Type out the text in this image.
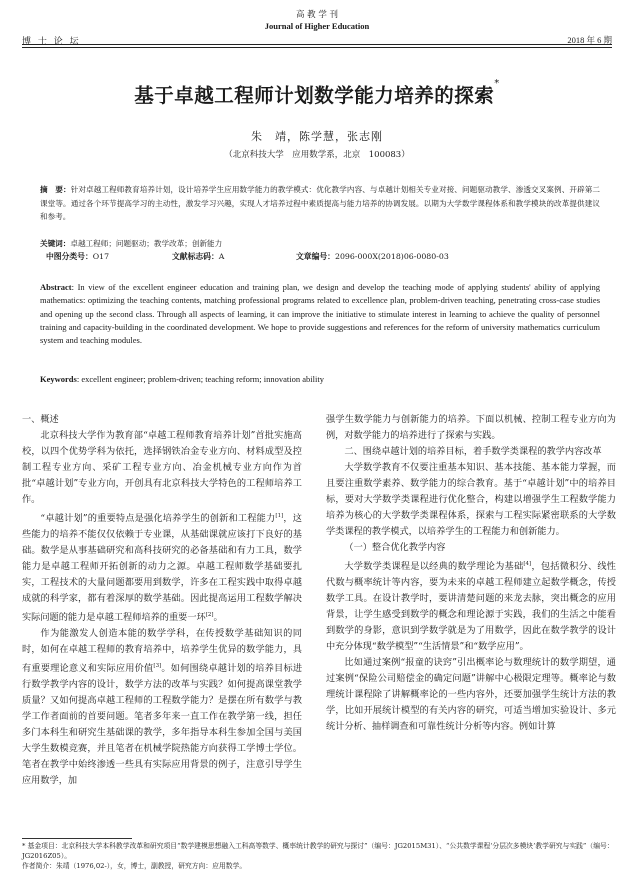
高 教 学 刊
Journal of Higher Education
博 士 论 坛	2018 年 6 期
基于卓越工程师计划数学能力培养的探索*
朱　靖，陈学慧，张志刚
（北京科技大学　应用数学系，北京　100083）
摘　要：针对卓越工程师教育培养计划，设计培养学生应用数学能力的教学模式：优化教学内容、与卓越计划相关专业对接、问题驱动教学、渗透交叉案例、开辟第二课堂等。通过各个环节提高学习的主动性，激发学习兴趣，实现人才培养过程中素质提高与能力培养的协调发展。以期为大学数学课程体系和教学模块的改革提供建议和参考。
关键词：卓越工程师；问题驱动；教学改革；创新能力
中图分类号：O17	文献标志码：A	文章编号：2096-000X(2018)06-0080-03
Abstract: In view of the excellent engineer education and training plan, we design and develop the teaching mode of applying students' ability of applying mathematics: optimizing the teaching contents, matching professional programs related to excellence plan, problem-driven teaching, penetrating cross-case studies and opening up the second class. Through all aspects of learning, it can improve the initiative to stimulate interest in learning to achieve the quality of personnel training and capacity-building in the coordinated development. We hope to provide suggestions and references for the reform of university mathematics curriculum system and teaching modules.
Keywords: excellent engineer; problem-driven; teaching reform; innovation ability
一、概述

北京科技大学作为教育部“卓越工程师教育培养计划”首批实施高校，以四个优势学科为依托，选择钢铁冶金专业方向、材料成型及控制工程专业方向、采矿工程专业方向、冶金机械专业方向作为首批“卓越计划”专业方向，开创具有北京科技大学特色的工程师培养工作。

“卓越计划”的重要特点是强化培养学生的创新和工程能力[1]，这些能力的培养不能仅仅依赖于专业课，从基础课就应该打下良好的基础。数学是从事基础研究和高科技研究的必备基础和有力工具，数学能力是卓越工程师开拓创新的动力之源。卓越工程师数学基础要扎实，工程技术的大量问题都要用到数学，许多在工程实践中取得卓越成就的科学家，都有着深厚的数学基础。因此提高运用工程数学解决实际问题的能力是卓越工程师培养的重要一环[2]。

作为能激发人创造本能的数学学科，在传授数学基础知识的同时，如何在卓越工程师的教育培养中，培养学生优异的数学能力，具有重要理论意义和实际应用价值[3]。如何围绕卓越计划的培养目标进行数学教学内容的设计，数学方法的改革与实践？如何提高课堂教学质量？又如何提高卓越工程师的工程数学能力？是摆在所有数学与教学工作者面前的首要问题。笔者多年来一直工作在教学第一线，担任多门本科生和研究生基础课的教学，多年指导本科生参加全国与美国大学生数模竞赛，并且笔者在机械学院热能方向获得工学博士学位。笔者在教学中始终渗透一些具有实际应用背景的例子，注意引导学生应用数学，加

强学生数学能力与创新能力的培养。下面以机械、控制工程专业方向为例，对数学能力的培养进行了探索与实践。

二、围绕卓越计划的培养目标，着手数学类课程的教学内容改革

大学数学教育不仅要注重基本知识、基本技能、基本能力掌握，而且要注重数学素养、数学能力的综合教育。基于“卓越计划”中的培养目标，要对大学数学类课程进行优化整合，构建以增强学生工程数学能力培养为核心的大学数学类课程体系，探索与工程实际紧密联系的大学数学类课程的教学模式，以培养学生的工程能力和创新能力。

（一）整合优化教学内容

大学数学类课程是以经典的数学理论为基础[4]，包括微积分、线性代数与概率统计等内容，要为未来的卓越工程师建立起数学概念，传授数学工具。在设计教学时，要讲清楚问题的来龙去脉，突出概念的应用背景，让学生感受到数学的概念和理论源于实践，我们的生活之中能看到数学的身影，意识到学数学就是为了用数学，因此在数学教学的设计中充分体现“数学模型”“生活情景”和“数学应用”。

比如通过案例“报童的诀窍”引出概率论与数理统计的数学期望，通过案例“保险公司赔偿金的确定问题”讲解中心极限定理等。概率论与数理统计课程除了讲解概率论的一些内容外，还要加强学生统计方法的教学，比如开展统计模型的有关内容的研究，可适当增加实验设计、多元统计分析、抽样调查和可靠性统计分析等内容。例如计算

* 基金项目：北京科技大学本科教学改革和研究项目“数学建模思想融入工科高等数学、概率统计教学的研究与探讨”（编号：JG2015M31）、“公共数学课程‘分层次多模块’教学研究与实践”（编号：JG2016Z05）。

作者简介：朱靖（1976,02-），女，博士，副教授，研究方向：应用数学。
